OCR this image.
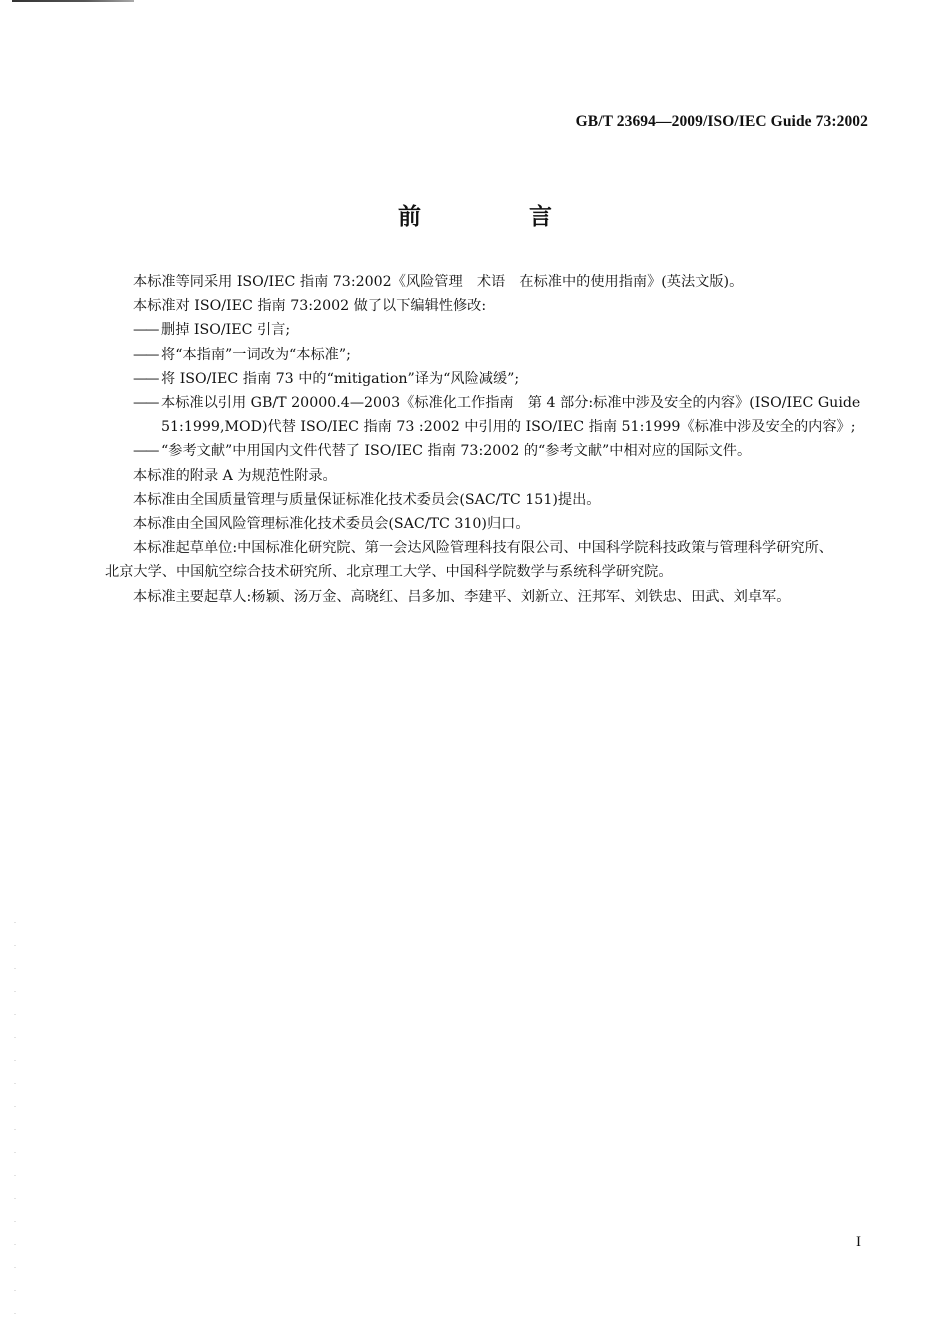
GB/T 23694—2009/ISO/IEC Guide 73:2002
前 言

本标准等同采用 ISO/IEC 指南 73:2002《风险管理　术语　在标准中的使用指南》(英法文版)。

本标准对 ISO/IEC 指南 73:2002 做了以下编辑性修改:

—— 删掉 ISO/IEC 引言;

—— 将“本指南”一词改为“本标准”;

—— 将 ISO/IEC 指南 73 中的“mitigation”译为“风险减缓”;

—— 本标准以引用 GB/T 20000.4—2003《标准化工作指南　第 4 部分:标准中涉及安全的内容》(ISO/IEC Guide 51:1999,MOD)代替 ISO/IEC 指南 73 :2002 中引用的 ISO/IEC 指南 51:1999《标准中涉及安全的内容》;

—— “参考文献”中用国内文件代替了 ISO/IEC 指南 73:2002 的“参考文献”中相对应的国际文件。

本标准的附录 A 为规范性附录。

本标准由全国质量管理与质量保证标准化技术委员会(SAC/TC 151)提出。

本标准由全国风险管理标准化技术委员会(SAC/TC 310)归口。

本标准起草单位:中国标准化研究院、第一会达风险管理科技有限公司、中国科学院科技政策与管理科学研究所、北京大学、中国航空综合技术研究所、北京理工大学、中国科学院数学与系统科学研究院。

本标准主要起草人:杨颖、汤万金、高晓红、吕多加、李建平、刘新立、汪邦军、刘铁忠、田武、刘卓军。

I
